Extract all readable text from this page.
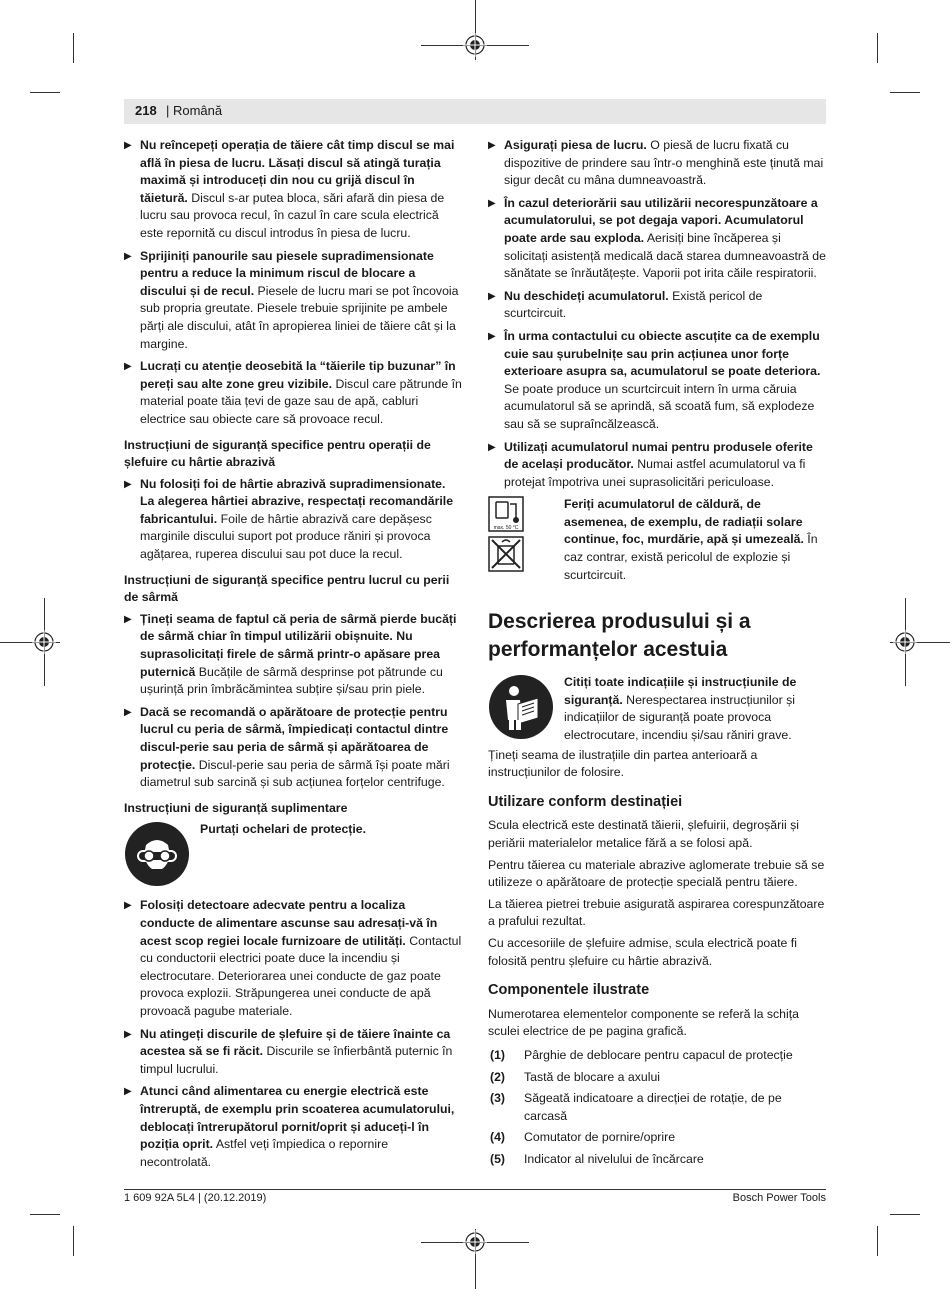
218 | Română
▶ Nu reîncepeți operația de tăiere cât timp discul se mai află în piesa de lucru. Lăsați discul să atingă turația maximă și introduceți din nou cu grijă discul în tăietură. Discul s-ar putea bloca, sări afară din piesa de lucru sau provoca recul, în cazul în care scula electrică este repornită cu discul introdus în piesa de lucru.
▶ Sprijiniți panourile sau piesele supradimensionate pentru a reduce la minimum riscul de blocare a discului și de recul. Piesele de lucru mari se pot încovoia sub propria greutate. Piesele trebuie sprijinite pe ambele părți ale discului, atât în apropierea liniei de tăiere cât și la margine.
▶ Lucrați cu atenție deosebită la “tăierile tip buzunar” în pereți sau alte zone greu vizibile. Discul care pătrunde în material poate tăia țevi de gaze sau de apă, cabluri electrice sau obiecte care să provoace recul.
Instrucțiuni de siguranță specifice pentru operații de șlefuire cu hârtie abrazivă
▶ Nu folosiți foi de hârtie abrazivă supradimensionate. La alegerea hârtiei abrazive, respectați recomandările fabricantului. Foile de hârtie abrazivă care depășesc marginile discului suport pot produce răniri și provoca agățarea, ruperea discului sau pot duce la recul.
Instrucțiuni de siguranță specifice pentru lucrul cu perii de sârmă
▶ Țineți seama de faptul că peria de sârmă pierde bucăți de sârmă chiar în timpul utilizării obișnuite. Nu suprasolicitați firele de sârmă printr-o apăsare prea puternică Bucățile de sârmă desprinse pot pătrunde cu ușurință prin îmbrăcămintea subțire și/sau prin piele.
▶ Dacă se recomandă o apărătoare de protecție pentru lucrul cu peria de sârmă, împiedicați contactul dintre discul-perie sau peria de sârmă și apărătoarea de protecție. Discul-perie sau peria de sârmă își poate mări diametrul sub sarcină și sub acțiunea forțelor centrifuge.
Instrucțiuni de siguranță suplimentare
Purtați ochelari de protecție.
▶ Folosiți detectoare adecvate pentru a localiza conducte de alimentare ascunse sau adresați-vă în acest scop regiei locale furnizoare de utilități. Contactul cu conductorii electrici poate duce la incendiu și electrocutare. Deteriorarea unei conducte de gaz poate provoca explozii. Străpungerea unei conducte de apă provoacă pagube materiale.
▶ Nu atingeți discurile de șlefuire și de tăiere înainte ca acestea să se fi răcit. Discurile se înfierbântă puternic în timpul lucrului.
▶ Atunci când alimentarea cu energie electrică este întreruptă, de exemplu prin scoaterea acumulatorului, deblocați întrerupătorul pornit/oprit și aduceți-l în poziția oprit. Astfel veți împiedica o repornire necontrolată.
▶ Asigurați piesa de lucru. O piesă de lucru fixată cu dispozitive de prindere sau într-o menghină este ținută mai sigur decât cu mâna dumneavoastră.
▶ În cazul deteriorării sau utilizării necorespunzătoare a acumulatorului, se pot degaja vapori. Acumulatorul poate arde sau exploda. Aerisiți bine încăperea și solicitați asistență medicală dacă starea dumneavoastră de sănătate se înrăutățește. Vaporii pot irita căile respiratorii.
▶ Nu deschideți acumulatorul. Există pericol de scurtcircuit.
▶ În urma contactului cu obiecte ascuțite ca de exemplu cuie sau șurubelnițe sau prin acțiunea unor forțe exterioare asupra sa, acumulatorul se poate deteriora. Se poate produce un scurtcircuit intern în urma căruia acumulatorul să se aprindă, să scoată fum, să explodeze sau să se supraîncălzească.
▶ Utilizați acumulatorul numai pentru produsele oferite de același producător. Numai astfel acumulatorul va fi protejat împotriva unei suprasolicitări periculoase.
max. 50 °C
Feriți acumulatorul de căldură, de asemenea, de exemplu, de radiații solare continue, foc, murdărie, apă și umezeală. În caz contrar, există pericolul de explozie și scurtcircuit.
Descrierea produsului și a performanțelor acestuia
Citiți toate indicațiile și instrucțiunile de siguranță. Nerespectarea instrucțiunilor și indicațiilor de siguranță poate provoca electrocutare, incendiu și/sau răniri grave.
Țineți seama de ilustrațiile din partea anterioară a instrucțiunilor de folosire.
Utilizare conform destinației
Scula electrică este destinată tăierii, șlefuirii, degroșării și periării materialelor metalice fără a se folosi apă.
Pentru tăierea cu materiale abrazive aglomerate trebuie să se utilizeze o apărătoare de protecție specială pentru tăiere.
La tăierea pietrei trebuie asigurată aspirarea corespunzătoare a prafului rezultat.
Cu accesoriile de șlefuire admise, scula electrică poate fi folosită pentru șlefuire cu hârtie abrazivă.
Componentele ilustrate
Numerotarea elementelor componente se referă la schița sculei electrice de pe pagina grafică.
(1) Pârghie de deblocare pentru capacul de protecție
(2) Tastă de blocare a axului
(3) Săgeată indicatoare a direcției de rotație, de pe carcasă
(4) Comutator de pornire/oprire
(5) Indicator al nivelului de încărcare
1 609 92A 5L4 | (20.12.2019)	Bosch Power Tools
